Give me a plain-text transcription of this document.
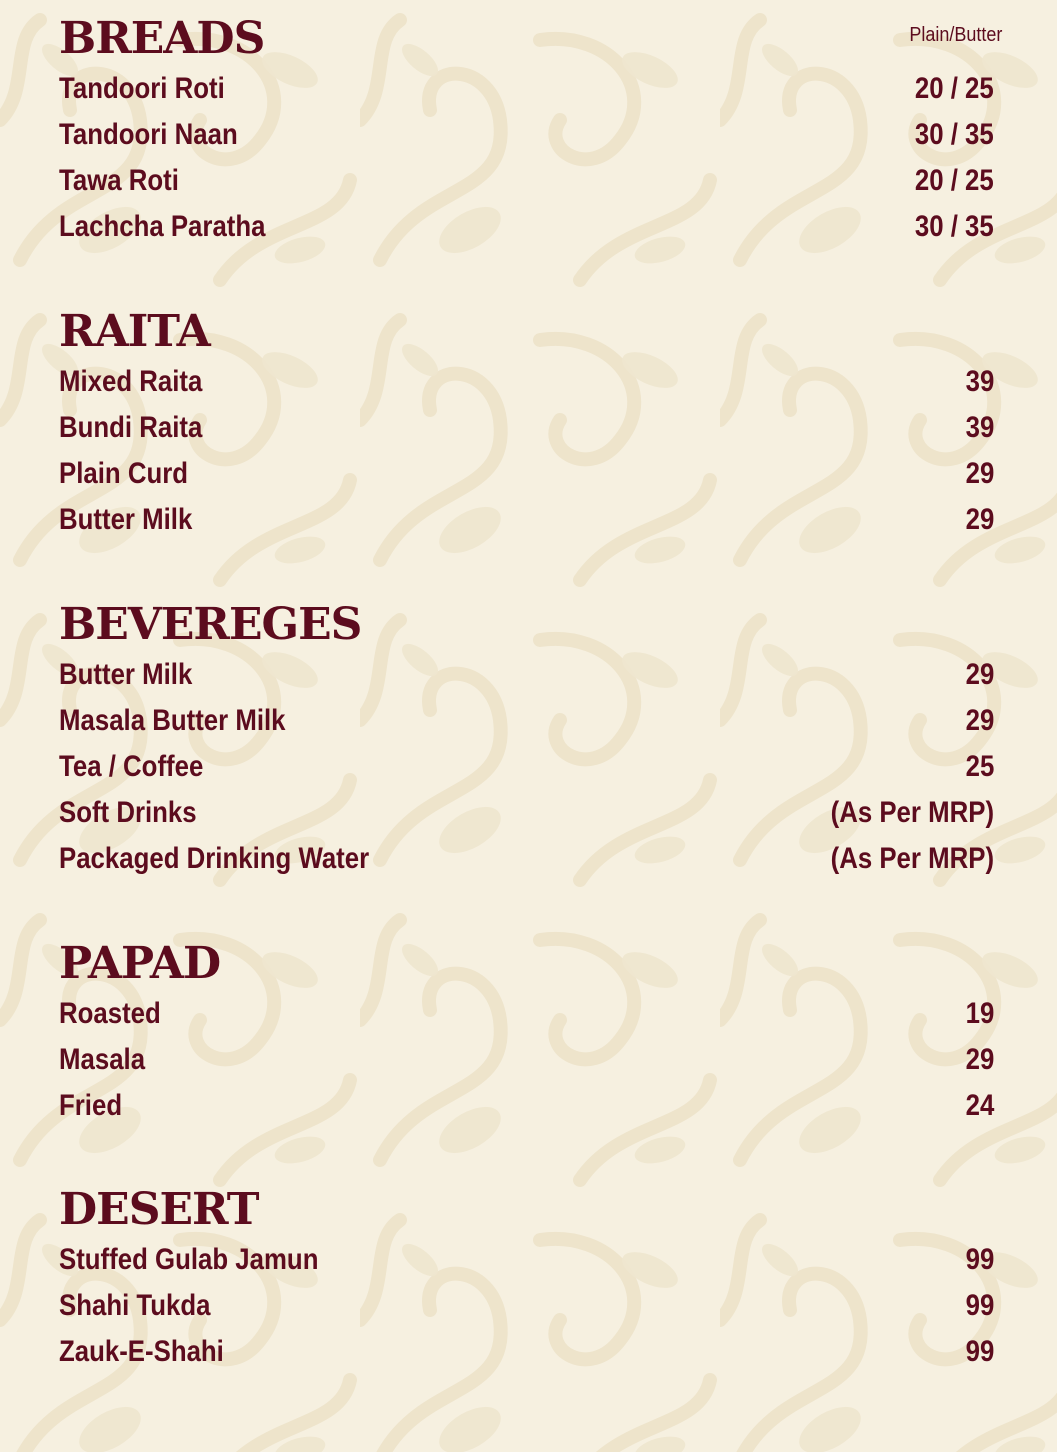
BREADS	Plain/Butter
Tandoori Roti	20 / 25
Tandoori Naan	30 / 35
Tawa Roti	20 / 25
Lachcha Paratha	30 / 35
RAITA
Mixed Raita	39
Bundi Raita	39
Plain Curd	29
Butter Milk	29
BEVEREGES
Butter Milk	29
Masala Butter Milk	29
Tea / Coffee	25
Soft Drinks	(As Per MRP)
Packaged Drinking Water	(As Per MRP)
PAPAD
Roasted	19
Masala	29
Fried	24
DESERT
Stuffed Gulab Jamun	99
Shahi Tukda	99
Zauk-E-Shahi	99
